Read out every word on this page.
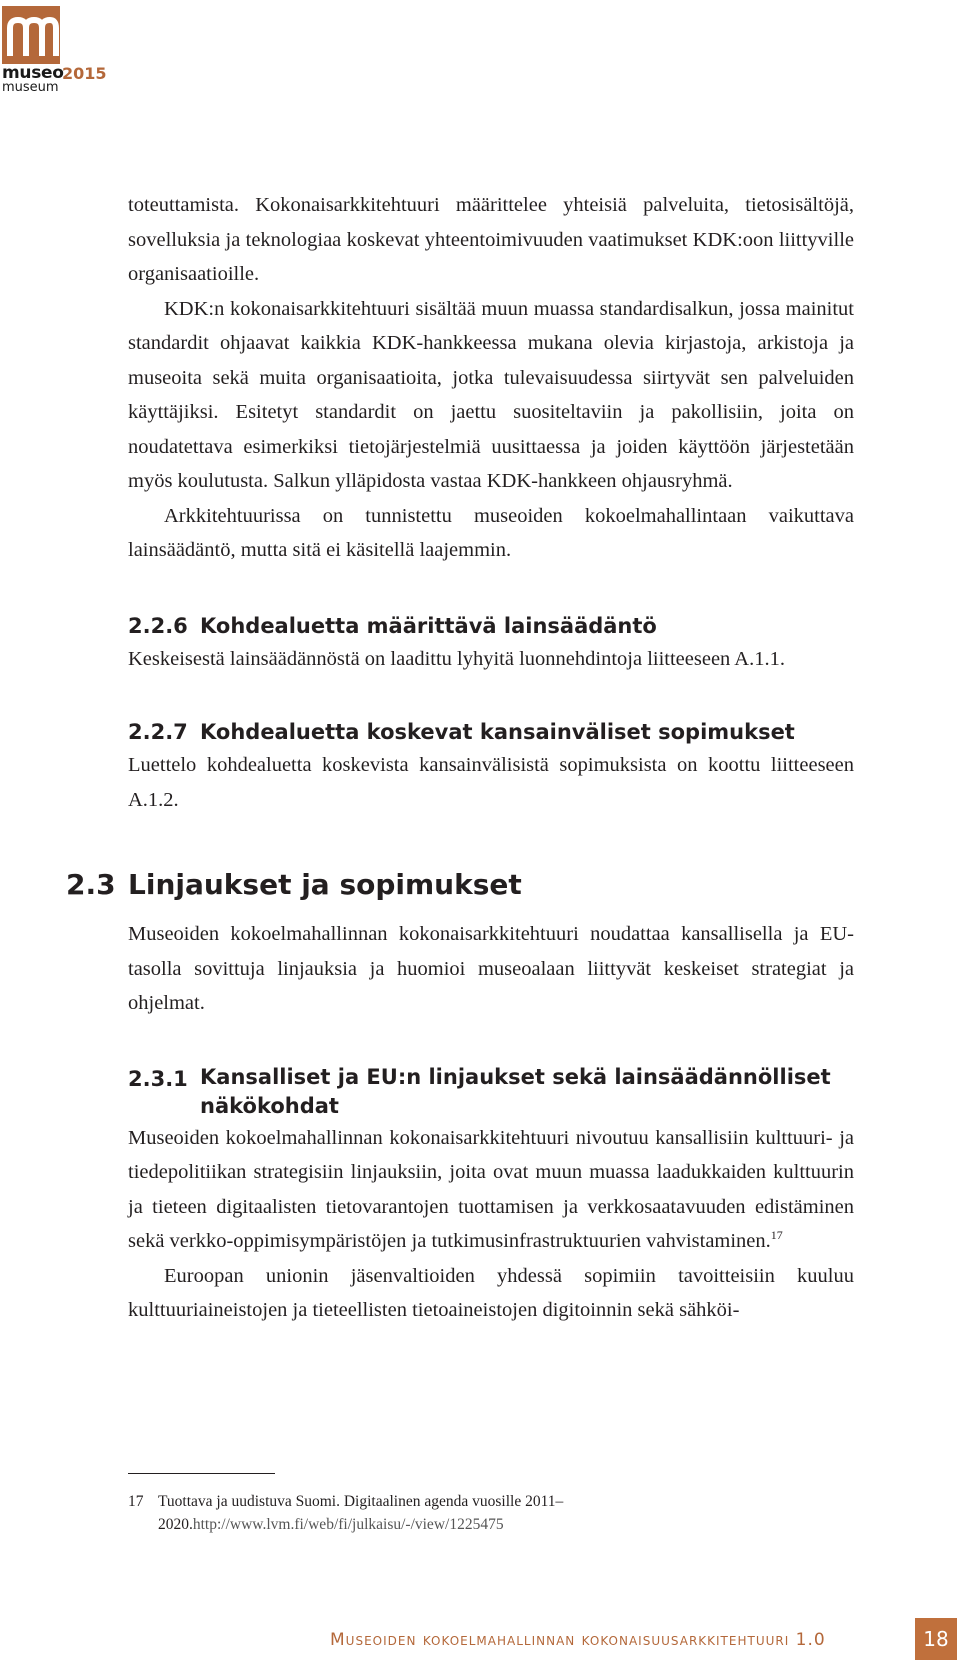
museo
2015
museum

toteuttamista. Kokonaisarkkitehtuuri määrittelee yhteisiä palveluita, tietosisältöjä, sovelluksia ja teknologiaa koskevat yhteentoimivuuden vaatimukset KDK:oon liittyville organisaatioille.

KDK:n kokonaisarkkitehtuuri sisältää muun muassa standardisalkun, jossa mainitut standardit ohjaavat kaikkia KDK-hankkeessa mukana olevia kirjastoja, arkistoja ja museoita sekä muita organisaatioita, jotka tulevaisuudessa siirtyvät sen palveluiden käyttäjiksi. Esitetyt standardit on jaettu suositeltaviin ja pakollisiin, joita on noudatettava esimerkiksi tietojärjestelmiä uusittaessa ja joiden käyttöön järjestetään myös koulutusta. Salkun ylläpidosta vastaa KDK-hankkeen ohjausryhmä.

Arkkitehtuurissa on tunnistettu museoiden kokoelmahallintaan vaikuttava lainsäädäntö, mutta sitä ei käsitellä laajemmin.

2.2.6 Kohdealuetta määrittävä lainsäädäntö

Keskeisestä lainsäädännöstä on laadittu lyhyitä luonnehdintoja liitteeseen A.1.1.

2.2.7 Kohdealuetta koskevat kansainväliset sopimukset

Luettelo kohdealuetta koskevista kansainvälisistä sopimuksista on koottu liitteeseen A.1.2.

2.3 Linjaukset ja sopimukset

Museoiden kokoelmahallinnan kokonaisarkkitehtuuri noudattaa kansallisella ja EU-tasolla sovittuja linjauksia ja huomioi museoalaan liittyvät keskeiset strategiat ja ohjelmat.

2.3.1 Kansalliset ja EU:n linjaukset sekä lainsäädännölliset näkökohdat

Museoiden kokoelmahallinnan kokonaisarkkitehtuuri nivoutuu kansallisiin kulttuuri- ja tiedepolitiikan strategisiin linjauksiin, joita ovat muun muassa laadukkaiden kulttuurin ja tieteen digitaalisten tietovarantojen tuottamisen ja verkkosaatavuuden edistäminen sekä verkko-oppimisympäristöjen ja tutkimusinfrastruktuurien vahvistaminen.$^{17}$

Euroopan unionin jäsenvaltioiden yhdessä sopimiin tavoitteisiin kuuluu kulttuuriaineistojen ja tieteellisten tietoaineistojen digitoinnin sekä sähköi-

17 Tuottava ja uudistuva Suomi. Digitaalinen agenda vuosille 2011–2020.http://www.lvm.fi/web/fi/julkaisu/-/view/1225475
Museoiden kokoelmahallinnan kokonaisuusarkkitehtuuri 1.0	18
